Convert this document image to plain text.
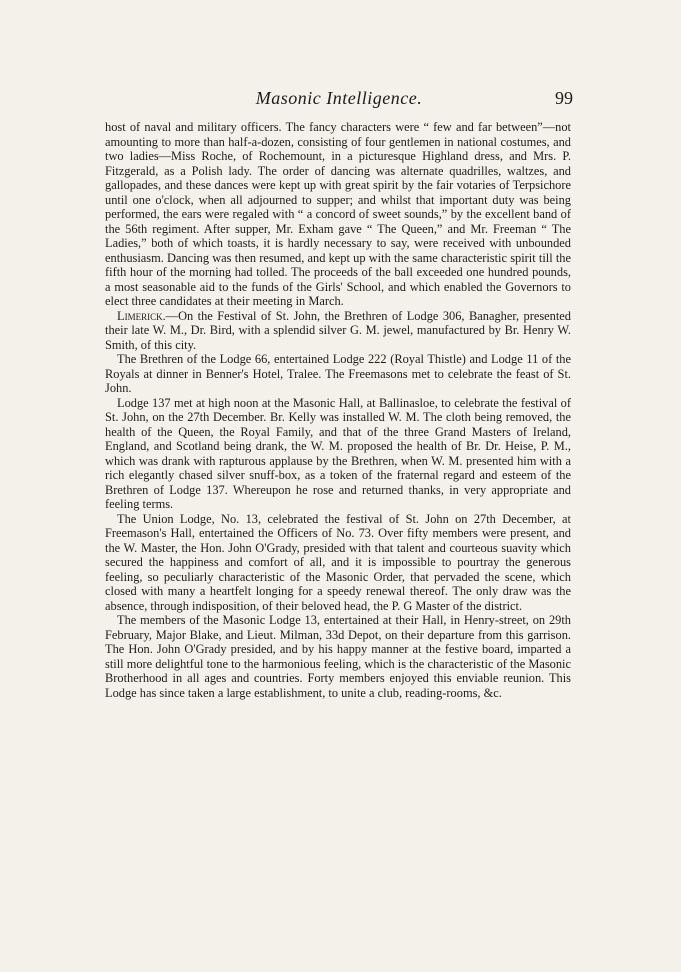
Masonic Intelligence.	99

host of naval and military officers. The fancy characters were “ few and far between”—not amounting to more than half-a-dozen, consisting of four gentlemen in national costumes, and two ladies—Miss Roche, of Rochemount, in a picturesque Highland dress, and Mrs. P. Fitzgerald, as a Polish lady. The order of dancing was alternate quadrilles, waltzes, and gallopades, and these dances were kept up with great spirit by the fair votaries of Terpsichore until one o'clock, when all adjourned to supper; and whilst that important duty was being performed, the ears were regaled with “ a concord of sweet sounds,” by the excellent band of the 56th regiment. After supper, Mr. Exham gave “ The Queen,” and Mr. Freeman “ The Ladies,” both of which toasts, it is hardly necessary to say, were received with unbounded enthusiasm. Dancing was then resumed, and kept up with the same characteristic spirit till the fifth hour of the morning had tolled. The proceeds of the ball exceeded one hundred pounds, a most seasonable aid to the funds of the Girls' School, and which enabled the Governors to elect three candidates at their meeting in March.

Limerick.—On the Festival of St. John, the Brethren of Lodge 306, Banagher, presented their late W. M., Dr. Bird, with a splendid silver G. M. jewel, manufactured by Br. Henry W. Smith, of this city.

The Brethren of the Lodge 66, entertained Lodge 222 (Royal Thistle) and Lodge 11 of the Royals at dinner in Benner's Hotel, Tralee. The Freemasons met to celebrate the feast of St. John.

Lodge 137 met at high noon at the Masonic Hall, at Ballinasloe, to celebrate the festival of St. John, on the 27th December. Br. Kelly was installed W. M. The cloth being removed, the health of the Queen, the Royal Family, and that of the three Grand Masters of Ireland, England, and Scotland being drank, the W. M. proposed the health of Br. Dr. Heise, P. M., which was drank with rapturous applause by the Brethren, when W. M. presented him with a rich elegantly chased silver snuff-box, as a token of the fraternal regard and esteem of the Brethren of Lodge 137. Whereupon he rose and returned thanks, in very appropriate and feeling terms.

The Union Lodge, No. 13, celebrated the festival of St. John on 27th December, at Freemason's Hall, entertained the Officers of No. 73. Over fifty members were present, and the W. Master, the Hon. John O'Grady, presided with that talent and courteous suavity which secured the happiness and comfort of all, and it is impossible to pourtray the generous feeling, so peculiarly characteristic of the Masonic Order, that pervaded the scene, which closed with many a heartfelt longing for a speedy renewal thereof. The only draw was the absence, through indisposition, of their beloved head, the P. G Master of the district.

The members of the Masonic Lodge 13, entertained at their Hall, in Henry-street, on 29th February, Major Blake, and Lieut. Milman, 33d Depot, on their departure from this garrison. The Hon. John O'Grady presided, and by his happy manner at the festive board, imparted a still more delightful tone to the harmonious feeling, which is the characteristic of the Masonic Brotherhood in all ages and countries. Forty members enjoyed this enviable reunion. This Lodge has since taken a large establishment, to unite a club, reading-rooms, &c.
